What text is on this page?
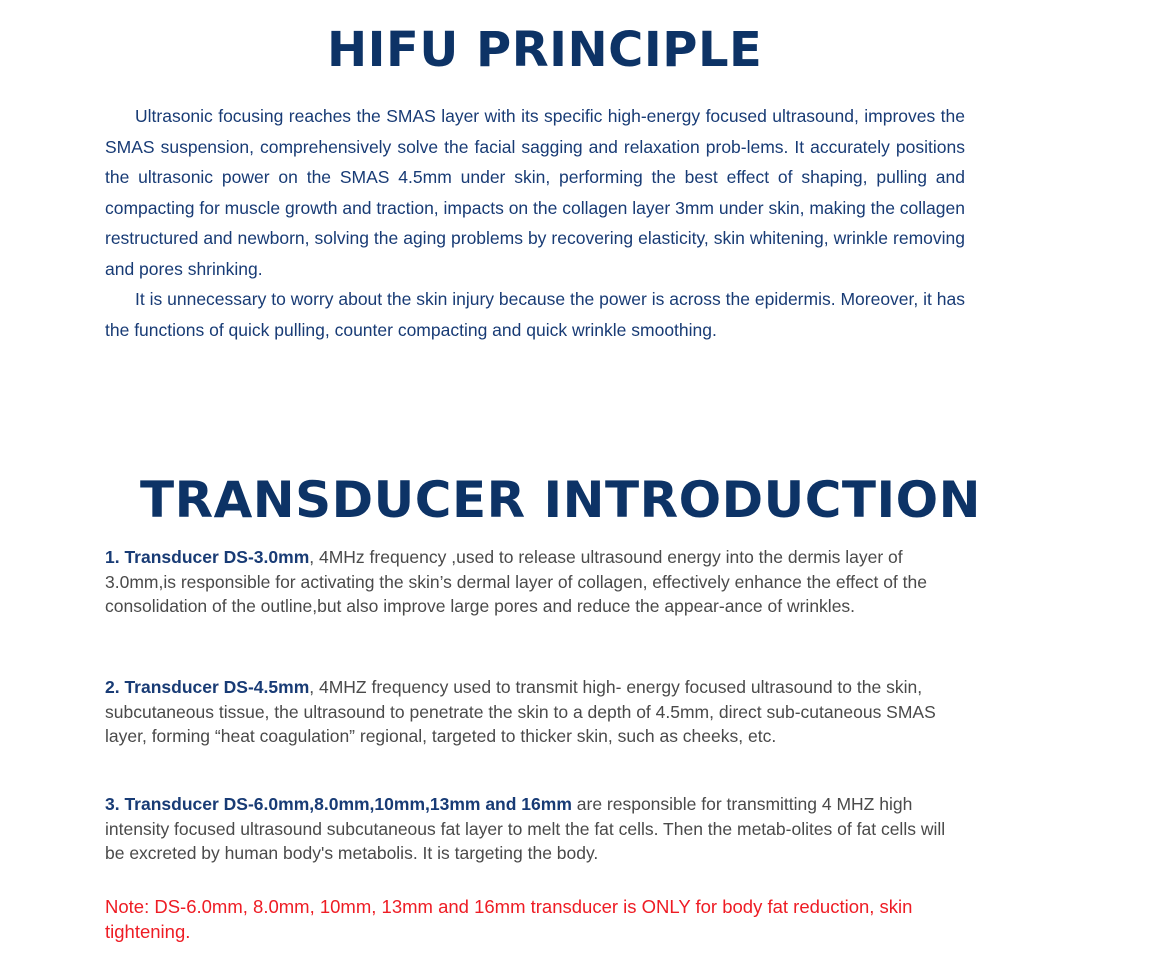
HIFU PRINCIPLE

Ultrasonic focusing reaches the SMAS layer with its specific high-energy focused ultrasound, improves the SMAS suspension, comprehensively solve the facial sagging and relaxation prob-lems. It accurately positions the ultrasonic power on the SMAS 4.5mm under skin, performing the best effect of shaping, pulling and compacting for muscle growth and traction, impacts on the collagen layer 3mm under skin, making the collagen restructured and newborn, solving the aging problems by recovering elasticity, skin whitening, wrinkle removing and pores shrinking.

It is unnecessary to worry about the skin injury because the power is across the epidermis. Moreover, it has the functions of quick pulling, counter compacting and quick wrinkle smoothing.

TRANSDUCER INTRODUCTION

1. Transducer DS-3.0mm, 4MHz frequency ,used to release ultrasound energy into the dermis layer of 3.0mm,is responsible for activating the skin’s dermal layer of collagen, effectively enhance the effect of the consolidation of the outline,but also improve large pores and reduce the appear-ance of wrinkles.

2. Transducer DS-4.5mm, 4MHZ frequency used to transmit high- energy focused ultrasound to the skin, subcutaneous tissue, the ultrasound to penetrate the skin to a depth of 4.5mm, direct sub-cutaneous SMAS layer, forming “heat coagulation” regional, targeted to thicker skin, such as cheeks, etc.

3. Transducer DS-6.0mm,8.0mm,10mm,13mm and 16mm are responsible for transmitting 4 MHZ high intensity focused ultrasound subcutaneous fat layer to melt the fat cells. Then the metab-olites of fat cells will be excreted by human body's metabolis. It is targeting the body.

Note: DS-6.0mm, 8.0mm, 10mm, 13mm and 16mm transducer is ONLY for body fat reduction, skin tightening.
